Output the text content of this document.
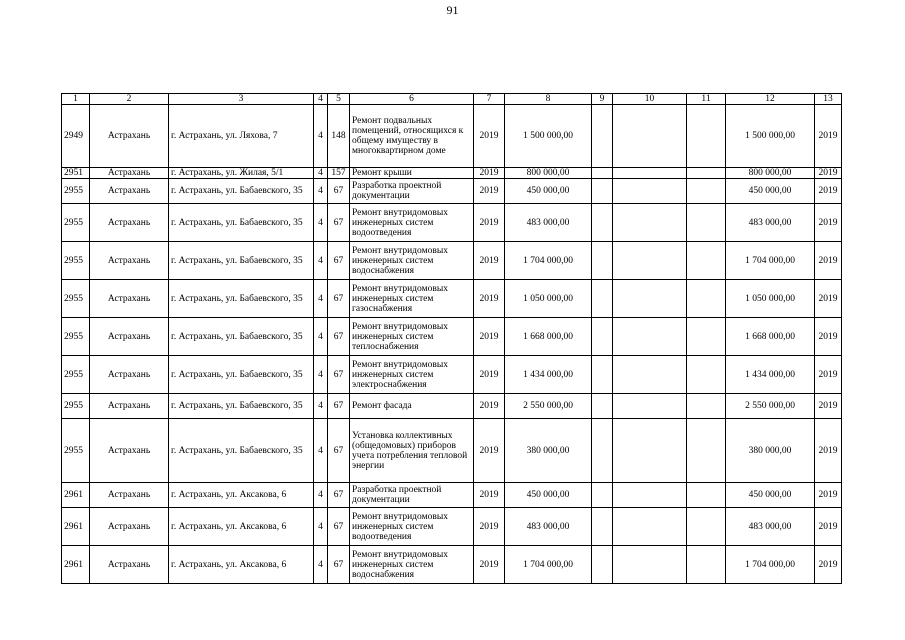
91
1	2	3	4	5	6	7	8	9	10	11	12	13
2949	Астрахань	г. Астрахань, ул. Ляхова, 7	4	148	Ремонт подвальных помещений, относящихся к общему имуществу в многоквартирном доме	2019	1 500 000,00				1 500 000,00	2019
2951	Астрахань	г. Астрахань, ул. Жилая, 5/1	4	157	Ремонт крыши	2019	800 000,00				800 000,00	2019
2955	Астрахань	г. Астрахань, ул. Бабаевского, 35	4	67	Разработка проектной документации	2019	450 000,00				450 000,00	2019
2955	Астрахань	г. Астрахань, ул. Бабаевского, 35	4	67	Ремонт внутридомовых инженерных систем водоотведения	2019	483 000,00				483 000,00	2019
2955	Астрахань	г. Астрахань, ул. Бабаевского, 35	4	67	Ремонт внутридомовых инженерных систем водоснабжения	2019	1 704 000,00				1 704 000,00	2019
2955	Астрахань	г. Астрахань, ул. Бабаевского, 35	4	67	Ремонт внутридомовых инженерных систем газоснабжения	2019	1 050 000,00				1 050 000,00	2019
2955	Астрахань	г. Астрахань, ул. Бабаевского, 35	4	67	Ремонт внутридомовых инженерных систем теплоснабжения	2019	1 668 000,00				1 668 000,00	2019
2955	Астрахань	г. Астрахань, ул. Бабаевского, 35	4	67	Ремонт внутридомовых инженерных систем электроснабжения	2019	1 434 000,00				1 434 000,00	2019
2955	Астрахань	г. Астрахань, ул. Бабаевского, 35	4	67	Ремонт фасада	2019	2 550 000,00				2 550 000,00	2019
2955	Астрахань	г. Астрахань, ул. Бабаевского, 35	4	67	Установка коллективных (общедомовых) приборов учета потребления тепловой энергии	2019	380 000,00				380 000,00	2019
2961	Астрахань	г. Астрахань, ул. Аксакова, 6	4	67	Разработка проектной документации	2019	450 000,00				450 000,00	2019
2961	Астрахань	г. Астрахань, ул. Аксакова, 6	4	67	Ремонт внутридомовых инженерных систем водоотведения	2019	483 000,00				483 000,00	2019
2961	Астрахань	г. Астрахань, ул. Аксакова, 6	4	67	Ремонт внутридомовых инженерных систем водоснабжения	2019	1 704 000,00				1 704 000,00	2019
